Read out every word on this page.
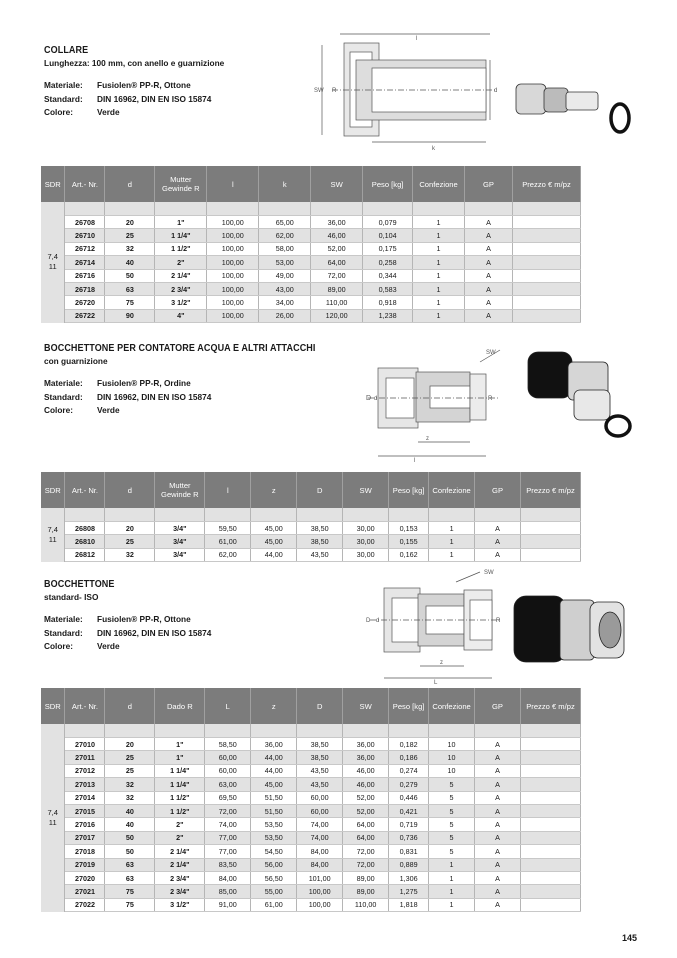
COLLARE
Lunghezza: 100 mm, con anello e guarnizione
Materiale:	Fusiolen® PP-R, Ottone
Standard:	DIN 16962, DIN EN ISO 15874
Colore:	Verde
l
k
d
R
SW
SDR	Art.- Nr.	d	Mutter Gewinde R	l	k	SW	Peso [kg]	Confezione	GP	Prezzo € m/pz
7,4
11										
	26708	20	1"	100,00	65,00	36,00	0,079	1	A	
	26710	25	1 1/4"	100,00	62,00	46,00	0,104	1	A	
	26712	32	1 1/2"	100,00	58,00	52,00	0,175	1	A	
	26714	40	2"	100,00	53,00	64,00	0,258	1	A	
	26716	50	2 1/4"	100,00	49,00	72,00	0,344	1	A	
	26718	63	2 3/4"	100,00	43,00	89,00	0,583	1	A	
	26720	75	3 1/2"	100,00	34,00	110,00	0,918	1	A	
	26722	90	4"	100,00	26,00	120,00	1,238	1	A	
BOCCHETTONE PER CONTATORE ACQUA E ALTRI ATTACCHI
con guarnizione
Materiale:	Fusiolen® PP-R, Ordine
Standard:	DIN 16962, DIN EN ISO 15874
Colore:	Verde
SW
D d	R
z
l
SDR	Art.- Nr.	d	Mutter Gewinde R	l	z	D	SW	Peso [kg]	Confezione	GP	Prezzo € m/pz
7,4
11											
	26808	20	3/4"	59,50	45,00	38,50	30,00	0,153	1	A	
	26810	25	3/4"	61,00	45,00	38,50	30,00	0,155	1	A	
	26812	32	3/4"	62,00	44,00	43,50	30,00	0,162	1	A	
BOCCHETTONE
standard- ISO
Materiale:	Fusiolen® PP-R, Ottone
Standard:	DIN 16962, DIN EN ISO 15874
Colore:	Verde
SW
D d	R
z
L
SDR	Art.- Nr.	d	Dado R	L	z	D	SW	Peso [kg]	Confezione	GP	Prezzo € m/pz
7,4
11											
	27010	20	1"	58,50	36,00	38,50	36,00	0,182	10	A	
	27011	25	1"	60,00	44,00	38,50	36,00	0,186	10	A	
	27012	25	1 1/4"	60,00	44,00	43,50	46,00	0,274	10	A	
	27013	32	1 1/4"	63,00	45,00	43,50	46,00	0,279	5	A	
	27014	32	1 1/2"	69,50	51,50	60,00	52,00	0,446	5	A	
	27015	40	1 1/2"	72,00	51,50	60,00	52,00	0,421	5	A	
	27016	40	2"	74,00	53,50	74,00	64,00	0,719	5	A	
	27017	50	2"	77,00	53,50	74,00	64,00	0,736	5	A	
	27018	50	2 1/4"	77,00	54,50	84,00	72,00	0,831	5	A	
	27019	63	2 1/4"	83,50	56,00	84,00	72,00	0,889	1	A	
	27020	63	2 3/4"	84,00	56,50	101,00	89,00	1,306	1	A	
	27021	75	2 3/4"	85,00	55,00	100,00	89,00	1,275	1	A	
	27022	75	3 1/2"	91,00	61,00	100,00	110,00	1,818	1	A	
145
